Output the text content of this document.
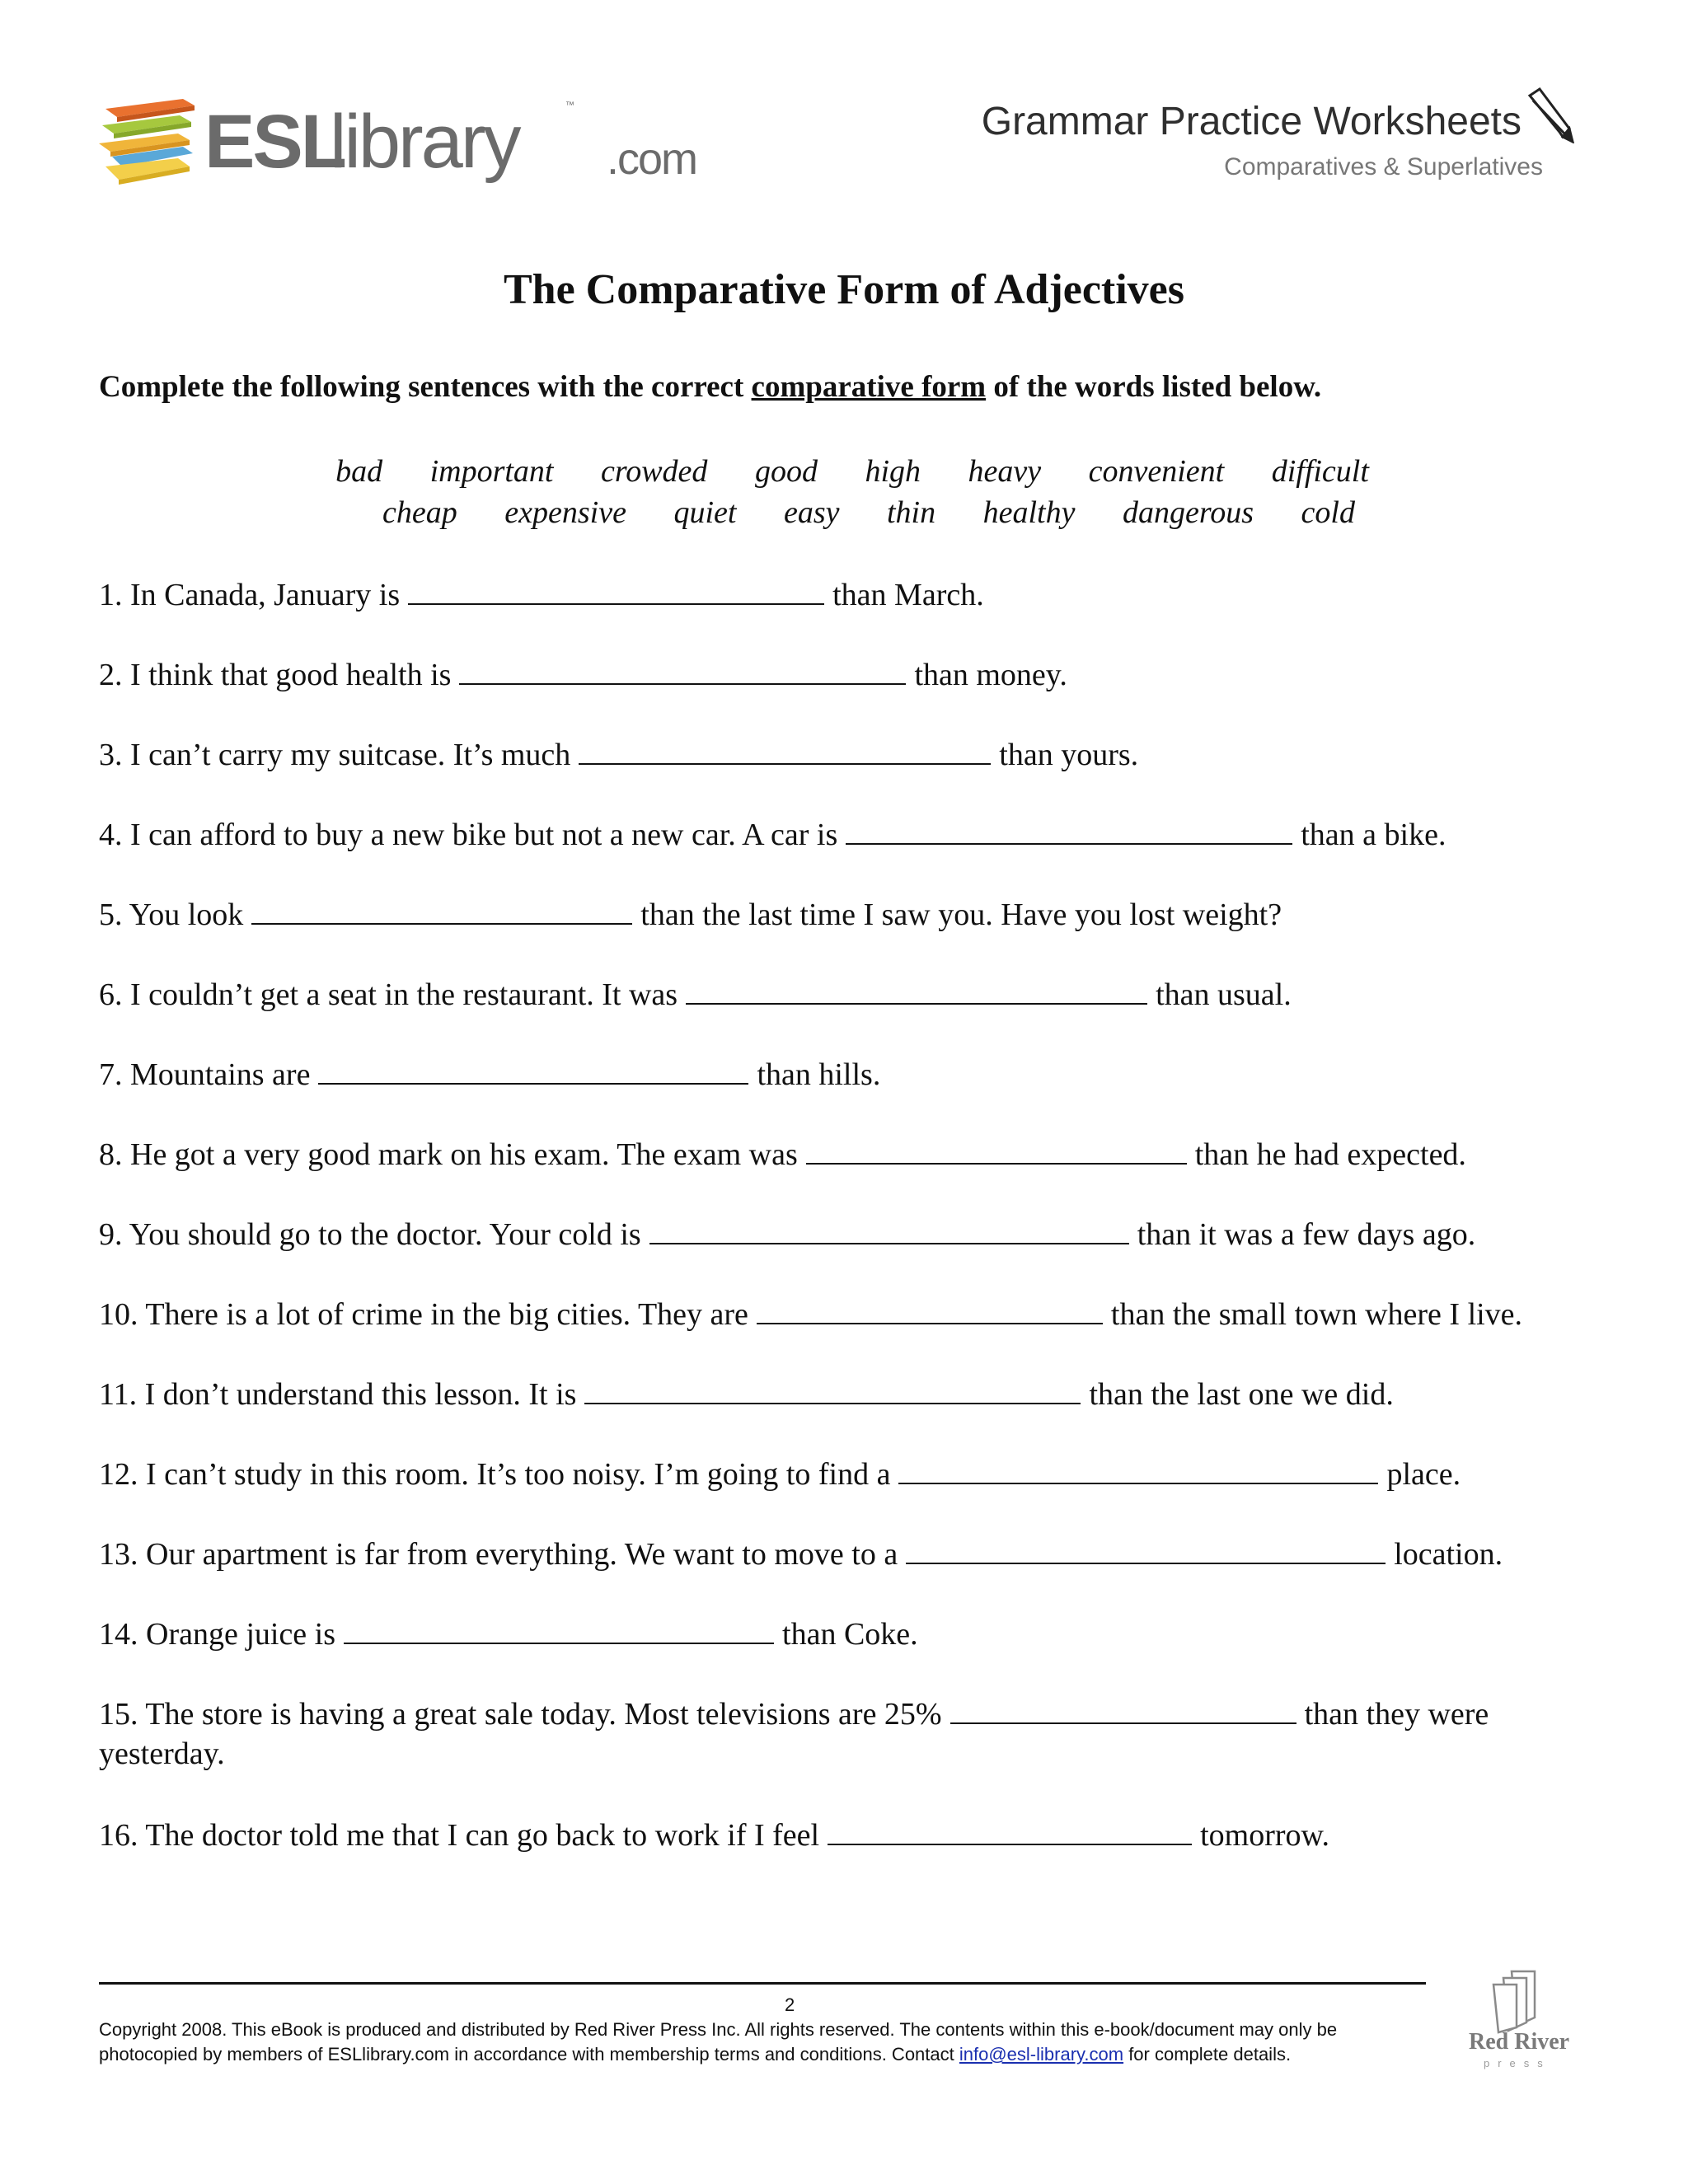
ESL
library	™
.com
Grammar Practice Worksheets
Comparatives & Superlatives
The Comparative Form of Adjectives
Complete the following sentences with the correct comparative form of the words listed below.
bad important crowded good high heavy convenient difficult
cheap expensive quiet easy thin healthy dangerous cold
1. In Canada, January is	than March.
2. I think that good health is	than money.
3. I can’t carry my suitcase. It’s much	than yours.
4. I can afford to buy a new bike but not a new car. A car is	than a bike.
5. You look	than the last time I saw you. Have you lost weight?
6. I couldn’t get a seat in the restaurant. It was	than usual.
7. Mountains are	than hills.
8. He got a very good mark on his exam. The exam was	than he had expected.
9. You should go to the doctor. Your cold is	than it was a few days ago.
10. There is a lot of crime in the big cities. They are	than the small town where I live.
11. I don’t understand this lesson. It is	than the last one we did.
12. I can’t study in this room. It’s too noisy. I’m going to find a	place.
13. Our apartment is far from everything. We want to move to a	location.
14. Orange juice is	than Coke.
15. The store is having a great sale today. Most televisions are 25%	than they were
yesterday.
16. The doctor told me that I can go back to work if I feel	tomorrow.
2
Copyright 2008. This eBook is produced and distributed by Red River Press Inc. All rights reserved. The contents within this e-book/document may only be
photocopied by members of ESLlibrary.com in accordance with membership terms and conditions. Contact info@esl-library.com for complete details.	Red River
press
